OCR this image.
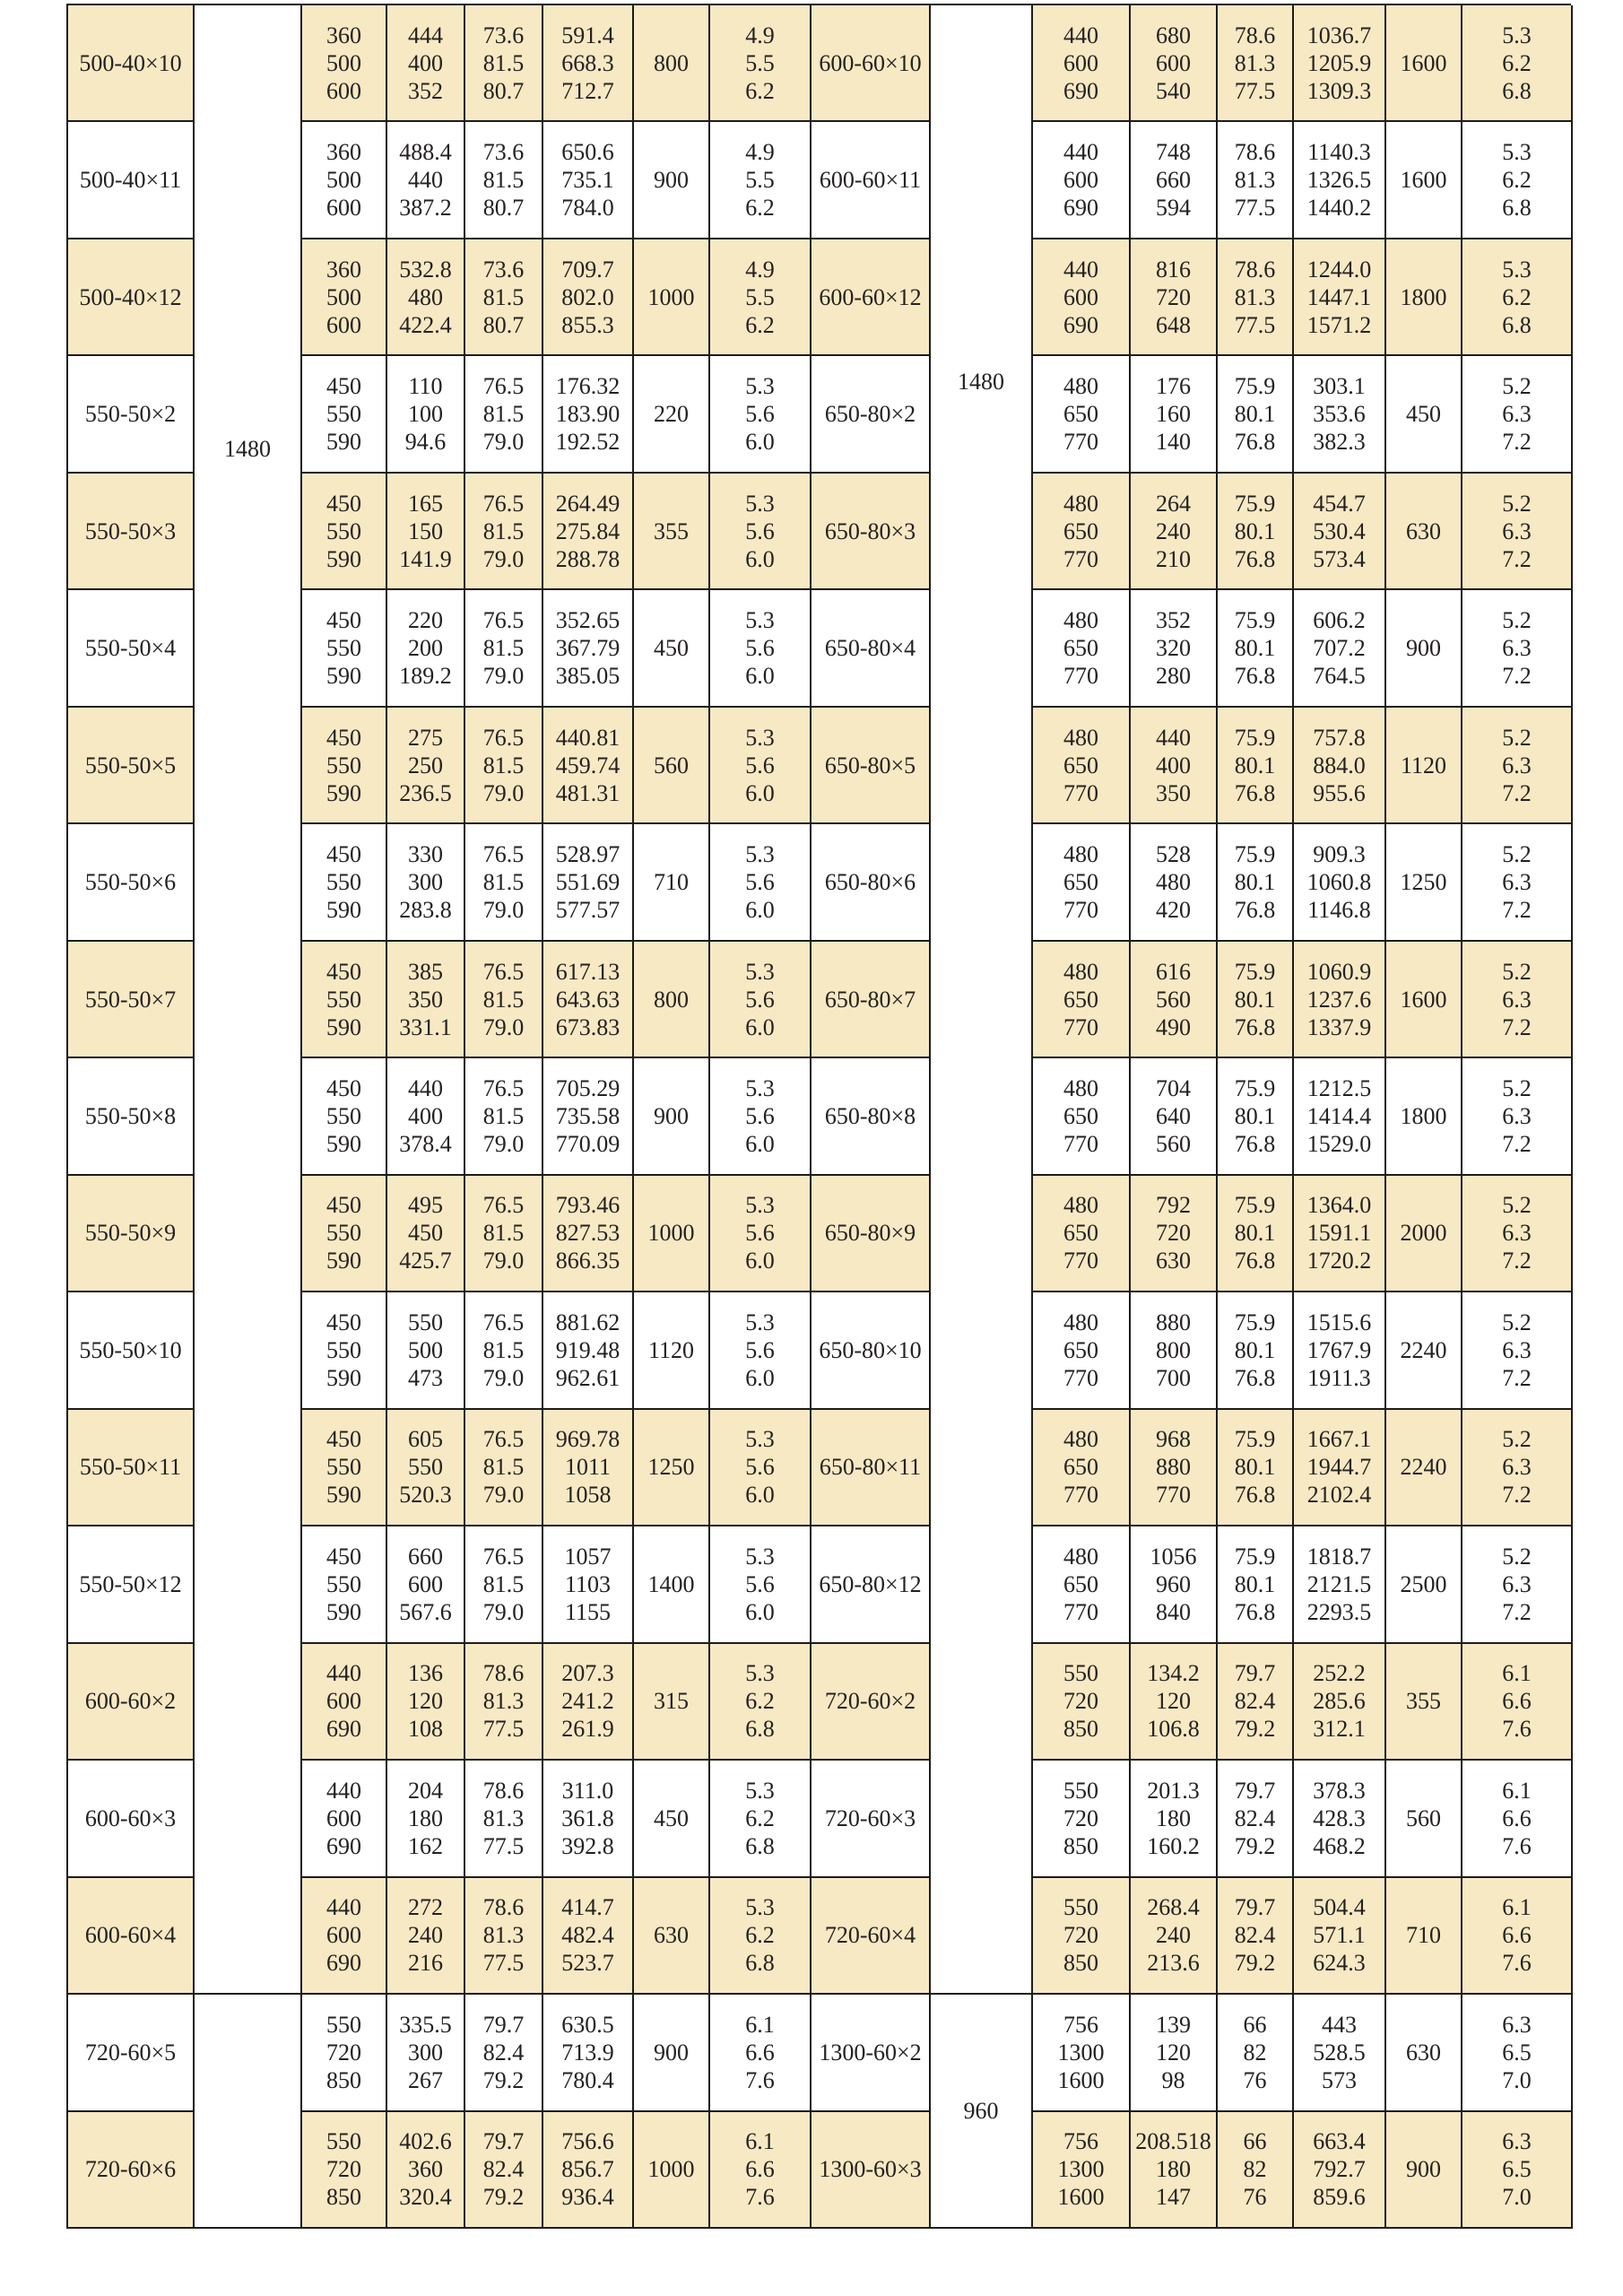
500-40×10
360
500
600
444
400
352
73.6
81.5
80.7
591.4
668.3
712.7
4.9
5.5
6.2
800
500-40×11
360
500
600
488.4
440
387.2
73.6
81.5
80.7
650.6
735.1
784.0
4.9
5.5
6.2
900
500-40×12
360
500
600
532.8
480
422.4
73.6
81.5
80.7
709.7
802.0
855.3
4.9
5.5
6.2
1000
550-50×2
450
550
590
110
100
94.6
76.5
81.5
79.0
176.32
183.90
192.52
5.3
5.6
6.0
220
550-50×3
450
550
590
165
150
141.9
76.5
81.5
79.0
264.49
275.84
288.78
5.3
5.6
6.0
355
550-50×4
450
550
590
220
200
189.2
76.5
81.5
79.0
352.65
367.79
385.05
5.3
5.6
6.0
450
550-50×5
450
550
590
275
250
236.5
76.5
81.5
79.0
440.81
459.74
481.31
5.3
5.6
6.0
560
550-50×6
450
550
590
330
300
283.8
76.5
81.5
79.0
528.97
551.69
577.57
5.3
5.6
6.0
710
550-50×7
450
550
590
385
350
331.1
76.5
81.5
79.0
617.13
643.63
673.83
5.3
5.6
6.0
800
550-50×8
450
550
590
440
400
378.4
76.5
81.5
79.0
705.29
735.58
770.09
5.3
5.6
6.0
900
550-50×9
450
550
590
495
450
425.7
76.5
81.5
79.0
793.46
827.53
866.35
5.3
5.6
6.0
1000
550-50×10
450
550
590
550
500
473
76.5
81.5
79.0
881.62
919.48
962.61
5.3
5.6
6.0
1120
550-50×11
450
550
590
605
550
520.3
76.5
81.5
79.0
969.78
1011
1058
5.3
5.6
6.0
1250
550-50×12
450
550
590
660
600
567.6
76.5
81.5
79.0
1057
1103
1155
5.3
5.6
6.0
1400
600-60×2
440
600
690
136
120
108
78.6
81.3
77.5
207.3
241.2
261.9
5.3
6.2
6.8
315
600-60×3
440
600
690
204
180
162
78.6
81.3
77.5
311.0
361.8
392.8
5.3
6.2
6.8
450
600-60×4
440
600
690
272
240
216
78.6
81.3
77.5
414.7
482.4
523.7
5.3
6.2
6.8
630
720-60×5
550
720
850
335.5
300
267
79.7
82.4
79.2
630.5
713.9
780.4
6.1
6.6
7.6
900
720-60×6
550
720
850
402.6
360
320.4
79.7
82.4
79.2
756.6
856.7
936.4
6.1
6.6
7.6
1000
600-60×10
440
600
690
680
600
540
78.6
81.3
77.5
1036.7
1205.9
1309.3
5.3
6.2
6.8
1600
600-60×11
440
600
690
748
660
594
78.6
81.3
77.5
1140.3
1326.5
1440.2
5.3
6.2
6.8
1600
600-60×12
440
600
690
816
720
648
78.6
81.3
77.5
1244.0
1447.1
1571.2
5.3
6.2
6.8
1800
650-80×2
480
650
770
176
160
140
75.9
80.1
76.8
303.1
353.6
382.3
5.2
6.3
7.2
450
650-80×3
480
650
770
264
240
210
75.9
80.1
76.8
454.7
530.4
573.4
5.2
6.3
7.2
630
650-80×4
480
650
770
352
320
280
75.9
80.1
76.8
606.2
707.2
764.5
5.2
6.3
7.2
900
650-80×5
480
650
770
440
400
350
75.9
80.1
76.8
757.8
884.0
955.6
5.2
6.3
7.2
1120
650-80×6
480
650
770
528
480
420
75.9
80.1
76.8
909.3
1060.8
1146.8
5.2
6.3
7.2
1250
650-80×7
480
650
770
616
560
490
75.9
80.1
76.8
1060.9
1237.6
1337.9
5.2
6.3
7.2
1600
650-80×8
480
650
770
704
640
560
75.9
80.1
76.8
1212.5
1414.4
1529.0
5.2
6.3
7.2
1800
650-80×9
480
650
770
792
720
630
75.9
80.1
76.8
1364.0
1591.1
1720.2
5.2
6.3
7.2
2000
650-80×10
480
650
770
880
800
700
75.9
80.1
76.8
1515.6
1767.9
1911.3
5.2
6.3
7.2
2240
650-80×11
480
650
770
968
880
770
75.9
80.1
76.8
1667.1
1944.7
2102.4
5.2
6.3
7.2
2240
650-80×12
480
650
770
1056
960
840
75.9
80.1
76.8
1818.7
2121.5
2293.5
5.2
6.3
7.2
2500
720-60×2
550
720
850
134.2
120
106.8
79.7
82.4
79.2
252.2
285.6
312.1
6.1
6.6
7.6
355
720-60×3
550
720
850
201.3
180
160.2
79.7
82.4
79.2
378.3
428.3
468.2
6.1
6.6
7.6
560
720-60×4
550
720
850
268.4
240
213.6
79.7
82.4
79.2
504.4
571.1
624.3
6.1
6.6
7.6
710
1300-60×2
756
1300
1600
139
120
98
66
82
76
443
528.5
573
6.3
6.5
7.0
630
1300-60×3
756
1300
1600
208.518
180
147
66
82
76
663.4
792.7
859.6
6.3
6.5
7.0
900
1480
1480
960
